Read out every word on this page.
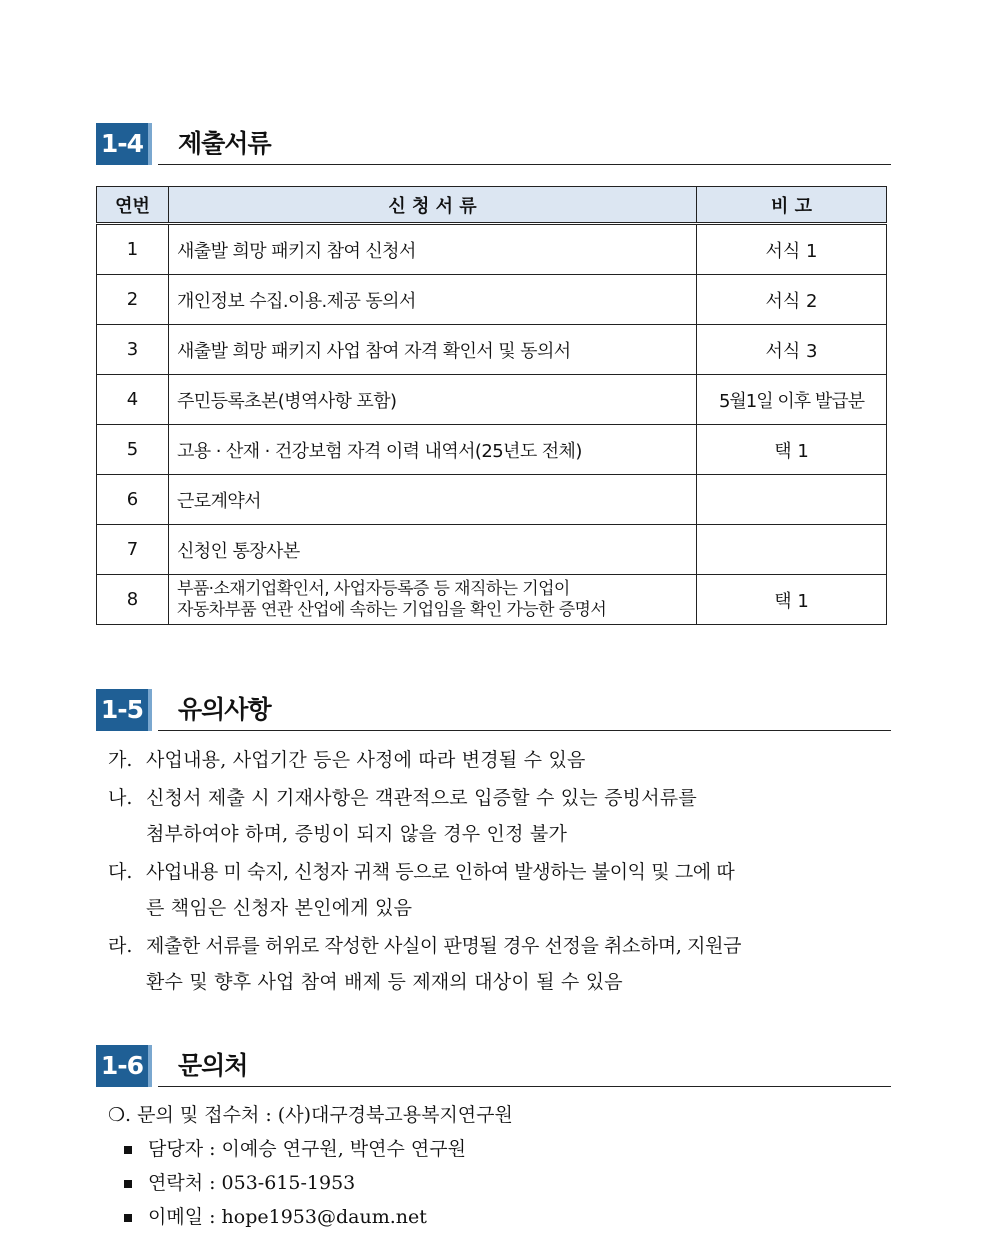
1-4 제출서류
연번	신 청 서 류	비 고
1	새출발 희망 패키지 참여 신청서	서식 1
2	개인정보 수집.이용.제공 동의서	서식 2
3	새출발 희망 패키지 사업 참여 자격 확인서 및 동의서	서식 3
4	주민등록초본(병역사항 포함)	5월1일 이후 발급분
5	고용 · 산재 · 건강보험 자격 이력 내역서(25년도 전체)	택 1
6	근로계약서	
7	신청인 통장사본	
8	부품·소재기업확인서, 사업자등록증 등 재직하는 기업이
자동차부품 연관 산업에 속하는 기업임을 확인 가능한 증명서	택 1
1-5 유의사항
가. 사업내용, 사업기간 등은 사정에 따라 변경될 수 있음
나. 신청서 제출 시 기재사항은 객관적으로 입증할 수 있는 증빙서류를
첨부하여야 하며, 증빙이 되지 않을 경우 인정 불가
다. 사업내용 미 숙지, 신청자 귀책 등으로 인하여 발생하는 불이익 및 그에 따
른 책임은 신청자 본인에게 있음
라. 제출한 서류를 허위로 작성한 사실이 판명될 경우 선정을 취소하며, 지원금
환수 및 향후 사업 참여 배제 등 제재의 대상이 될 수 있음
1-6 문의처
❍. 문의 및 접수처 : (사)대구경북고용복지연구원
담당자 : 이예승 연구원, 박연수 연구원
연락처 : 053-615-1953
이메일 : hope1953@daum.net
